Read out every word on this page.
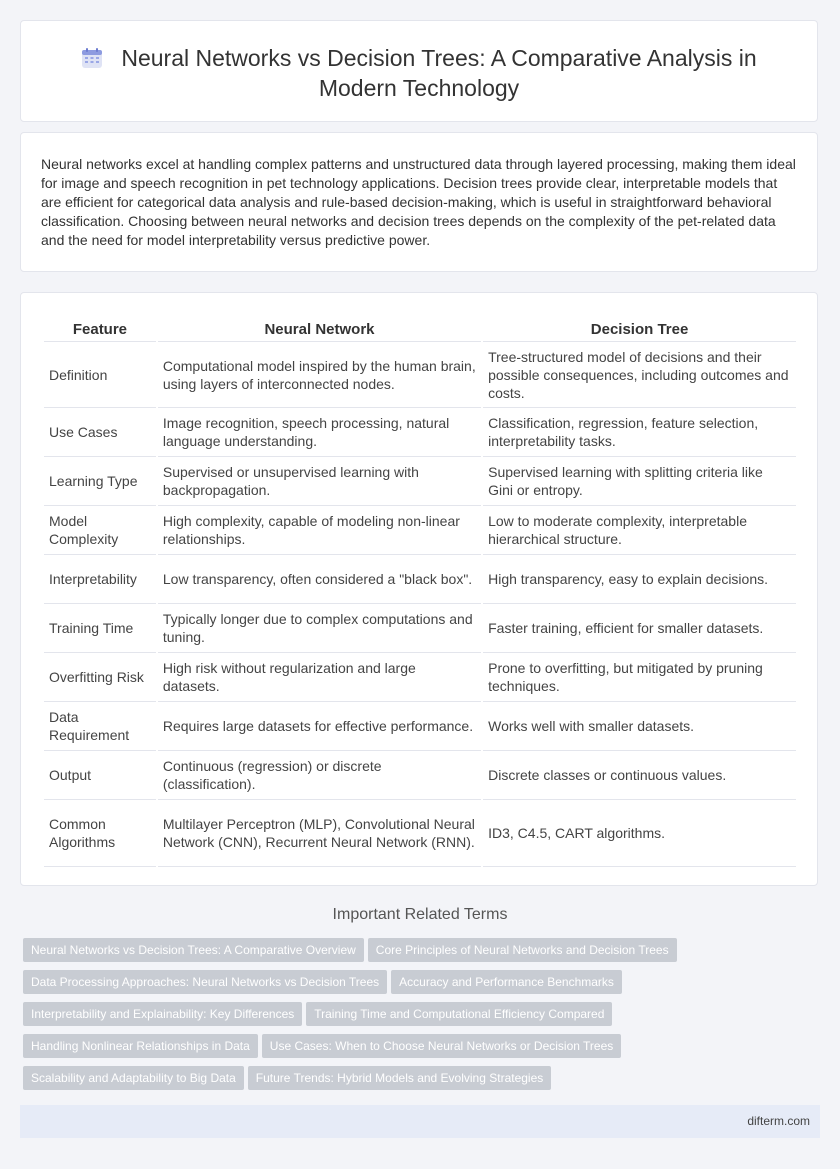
Neural Networks vs Decision Trees: A Comparative Analysis in Modern Technology
Neural networks excel at handling complex patterns and unstructured data through layered processing, making them ideal for image and speech recognition in pet technology applications. Decision trees provide clear, interpretable models that are efficient for categorical data analysis and rule-based decision-making, which is useful in straightforward behavioral classification. Choosing between neural networks and decision trees depends on the complexity of the pet-related data and the need for model interpretability versus predictive power.
Feature	Neural Network	Decision Tree
Definition	Computational model inspired by the human brain, using layers of interconnected nodes.	Tree-structured model of decisions and their possible consequences, including outcomes and costs.
Use Cases	Image recognition, speech processing, natural language understanding.	Classification, regression, feature selection, interpretability tasks.
Learning Type	Supervised or unsupervised learning with backpropagation.	Supervised learning with splitting criteria like Gini or entropy.
Model Complexity	High complexity, capable of modeling non-linear relationships.	Low to moderate complexity, interpretable hierarchical structure.
Interpretability	Low transparency, often considered a "black box".	High transparency, easy to explain decisions.
Training Time	Typically longer due to complex computations and tuning.	Faster training, efficient for smaller datasets.
Overfitting Risk	High risk without regularization and large datasets.	Prone to overfitting, but mitigated by pruning techniques.
Data Requirement	Requires large datasets for effective performance.	Works well with smaller datasets.
Output	Continuous (regression) or discrete (classification).	Discrete classes or continuous values.
Common Algorithms	Multilayer Perceptron (MLP), Convolutional Neural Network (CNN), Recurrent Neural Network (RNN).	ID3, C4.5, CART algorithms.
Important Related Terms
Neural Networks vs Decision Trees: A Comparative Overview Core Principles of Neural Networks and Decision Trees
Data Processing Approaches: Neural Networks vs Decision Trees Accuracy and Performance Benchmarks
Interpretability and Explainability: Key Differences Training Time and Computational Efficiency Compared
Handling Nonlinear Relationships in Data Use Cases: When to Choose Neural Networks or Decision Trees
Scalability and Adaptability to Big Data Future Trends: Hybrid Models and Evolving Strategies
difterm.com
